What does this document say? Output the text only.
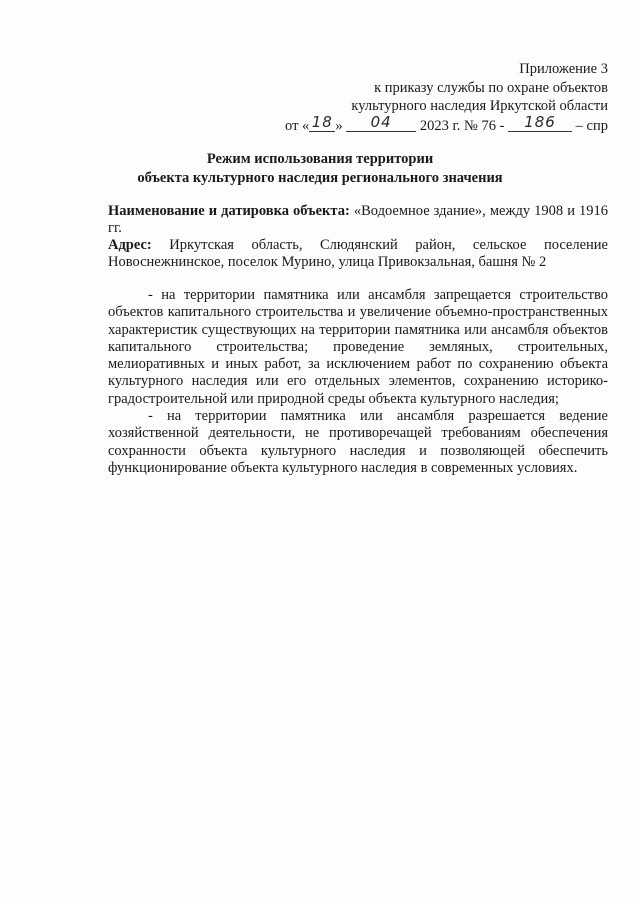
Приложение 3
к приказу службы по охране объектов
культурного наследия Иркутской области
от « 18 » 04 2023 г. № 76 - 186 – спр
Режим использования территории
объекта культурного наследия регионального значения

Наименование и датировка объекта: «Водоемное здание», между 1908 и 1916 гг.

Адрес: Иркутская область, Слюдянский район, сельское поселение Новоснежнинское, поселок Мурино, улица Привокзальная, башня № 2

- на территории памятника или ансамбля запрещается строительство объектов капитального строительства и увеличение объемно-пространственных характеристик существующих на территории памятника или ансамбля объектов капитального строительства; проведение земляных, строительных, мелиоративных и иных работ, за исключением работ по сохранению объекта культурного наследия или его отдельных элементов, сохранению историко-градостроительной или природной среды объекта культурного наследия;

- на территории памятника или ансамбля разрешается ведение хозяйственной деятельности, не противоречащей требованиям обеспечения сохранности объекта культурного наследия и позволяющей обеспечить функционирование объекта культурного наследия в современных условиях.
